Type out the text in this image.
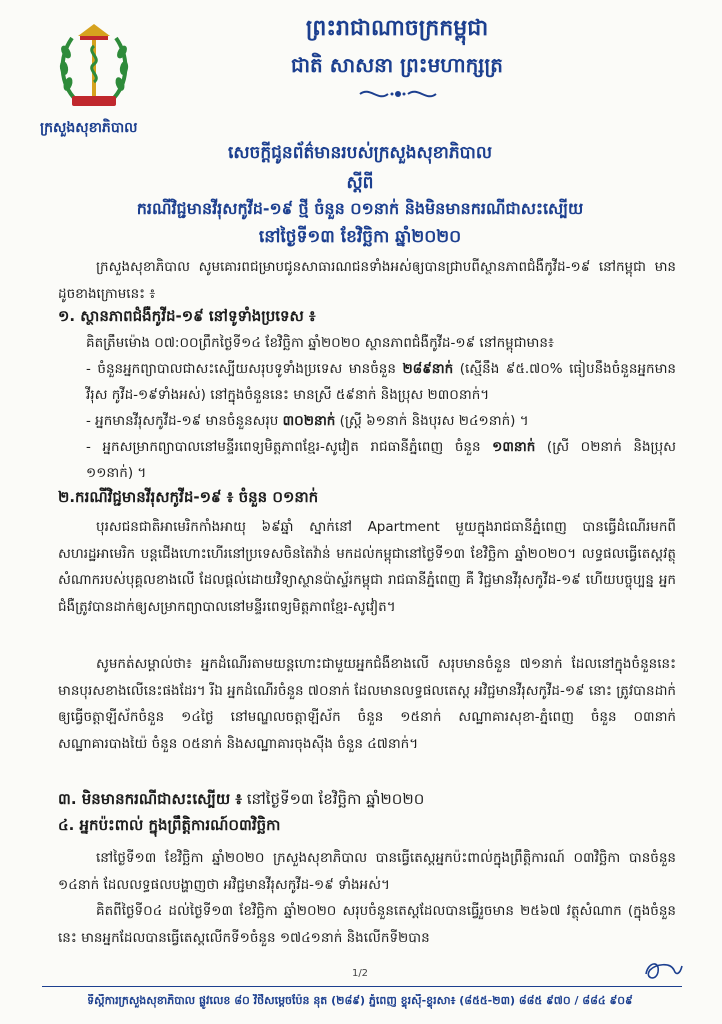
ក្រសួងសុខាភិបាល
ព្រះរាជាណាចក្រកម្ពុជា
ជាតិ សាសនា ព្រះមហាក្សត្រ
សេចក្តីជូនព័ត៌មានរបស់ក្រសួងសុខាភិបាល
ស្តីពី
ករណីវិជ្ជមានវីរុសកូវីដ-១៩ ថ្មី ចំនួន ០១នាក់ និងមិនមានករណីជាសះស្បើយ
នៅថ្ងៃទី១៣ ខែវិច្ឆិកា ឆ្នាំ២០២០
ក្រសួងសុខាភិបាល សូមគោរពជម្រាបជូនសាធារណជនទាំងអស់ឲ្យបានជ្រាបពីស្ថានភាពជំងឺកូវីដ-១៩ នៅកម្ពុជា មានដូចខាងក្រោមនេះ ៖
១. ស្ថានភាពជំងឺកូវីដ-១៩ នៅទូទាំងប្រទេស ៖
គិតត្រឹមម៉ោង ០៧:០០ព្រឹកថ្ងៃទី១៤ ខែវិច្ឆិកា ឆ្នាំ២០២០ ស្ថានភាពជំងឺកូវីដ-១៩ នៅកម្ពុជាមាន៖
- ចំនួនអ្នកព្យាបាលជាសះស្បើយសរុបទូទាំងប្រទេស មានចំនួន ២៨៩នាក់ (ស្មើនឹង ៩៥.៧០% ធៀបនឹងចំនួនអ្នកមានវីរុស កូវីដ-១៩ទាំងអស់) នៅក្នុងចំនួននេះ មានស្រី ៥៩នាក់ និងប្រុស ២៣០នាក់។
- អ្នកមានវីរុសកូវីដ-១៩ មានចំនួនសរុប ៣០២នាក់ (ស្ត្រី ៦១នាក់ និងបុរស ២៤១នាក់) ។
- អ្នកសម្រាកព្យាបាលនៅមន្ទីរពេទ្យមិត្តភាពខ្មែរ-សូវៀត រាជធានីភ្នំពេញ ចំនួន ១៣នាក់ (ស្រី ០២នាក់ និងប្រុស ១១នាក់) ។
២.ករណីវិជ្ជមានវីរុសកូវីដ-១៩ ៖ ចំនួន ០១នាក់
បុរសជនជាតិអាមេរិកកាំងអាយុ ៦៩ឆ្នាំ ស្នាក់នៅ Apartment មួយក្នុងរាជធានីភ្នំពេញ បានធ្វើដំណើរមកពីសហរដ្ឋអាមេរិក បន្តជើងហោះហើរនៅប្រទេសចិនតៃវ៉ាន់ មកដល់កម្ពុជានៅថ្ងៃទី១៣ ខែវិច្ឆិកា ឆ្នាំ២០២០។ លទ្ធផលធ្វើតេស្តវត្ថុសំណាករបស់បុគ្គលខាងលើ ដែលផ្តល់ដោយវិទ្យាស្ថានប៉ាស្ទ័រកម្ពុជា រាជធានីភ្នំពេញ គឺ វិជ្ជមានវីរុសកូវីដ-១៩ ហើយបច្ចុប្បន្ន អ្នកជំងឺត្រូវបានដាក់ឲ្យសម្រាកព្យាបាលនៅមន្ទីរពេទ្យមិត្តភាពខ្មែរ-សូវៀត។
សូមកត់សម្គាល់ថា៖ អ្នកដំណើរតាមយន្តហោះជាមួយអ្នកជំងឺខាងលើ សរុបមានចំនួន ៧១នាក់ ដែលនៅក្នុងចំនួននេះ មានបុរសខាងលើនេះផងដែរ។ រីឯ អ្នកដំណើរចំនួន ៧០នាក់ ដែលមានលទ្ធផលតេស្ត អវិជ្ជមានវីរុសកូវីដ-១៩ នោះ ត្រូវបានដាក់ឲ្យធ្វើចត្តាឡីស័កចំនួន ១៤ថ្ងៃ នៅមណ្ឌលចត្តាឡីស័ក ចំនួន ១៥នាក់ សណ្ឋាគារសុខា-ភ្នំពេញ ចំនួន ០៣នាក់ សណ្ឋាគារបាងយ៉ៃ ចំនួន ០៥នាក់ និងសណ្ឋាគារចុងស៊ីង ចំនួន ៤៧នាក់។
៣. មិនមានករណីជាសះស្បើយ ៖ នៅថ្ងៃទី១៣ ខែវិច្ឆិកា ឆ្នាំ២០២០
៤. អ្នកប៉ះពាល់ ក្នុងព្រឹត្តិការណ៍០៣វិច្ឆិកា
នៅថ្ងៃទី១៣ ខែវិច្ឆិកា ឆ្នាំ២០២០ ក្រសួងសុខាភិបាល បានធ្វើតេស្តអ្នកប៉ះពាល់ក្នុងព្រឹត្តិការណ៍ ០៣វិច្ឆិកា បានចំនួន ១៤នាក់ ដែលលទ្ធផលបង្ហាញថា អវិជ្ជមានវីរុសកូវីដ-១៩ ទាំងអស់។
គិតពីថ្ងៃទី០៤ ដល់ថ្ងៃទី១៣ ខែវិច្ឆិកា ឆ្នាំ២០២០ សរុបចំនួនតេស្តដែលបានធ្វើរួចមាន ២៥៦៧ វត្ថុសំណាក (ក្នុងចំនួននេះ មានអ្នកដែលបានធ្វើតេស្តលើកទី១ចំនួន ១៧៤១នាក់ និងលើកទី២បាន
1/2
ទីស្តីការក្រសួងសុខាភិបាល ផ្លូវលេខ ៨០ វិថីសម្តេចប៉ែន នុត (២៨៩) ភ្នំពេញ ខ្ទុរស៊ី-ខ្ទុរសា៖ (៨៥៥-២៣) ៨៨៥ ៩៧០ / ៨៨៤ ៩០៩
